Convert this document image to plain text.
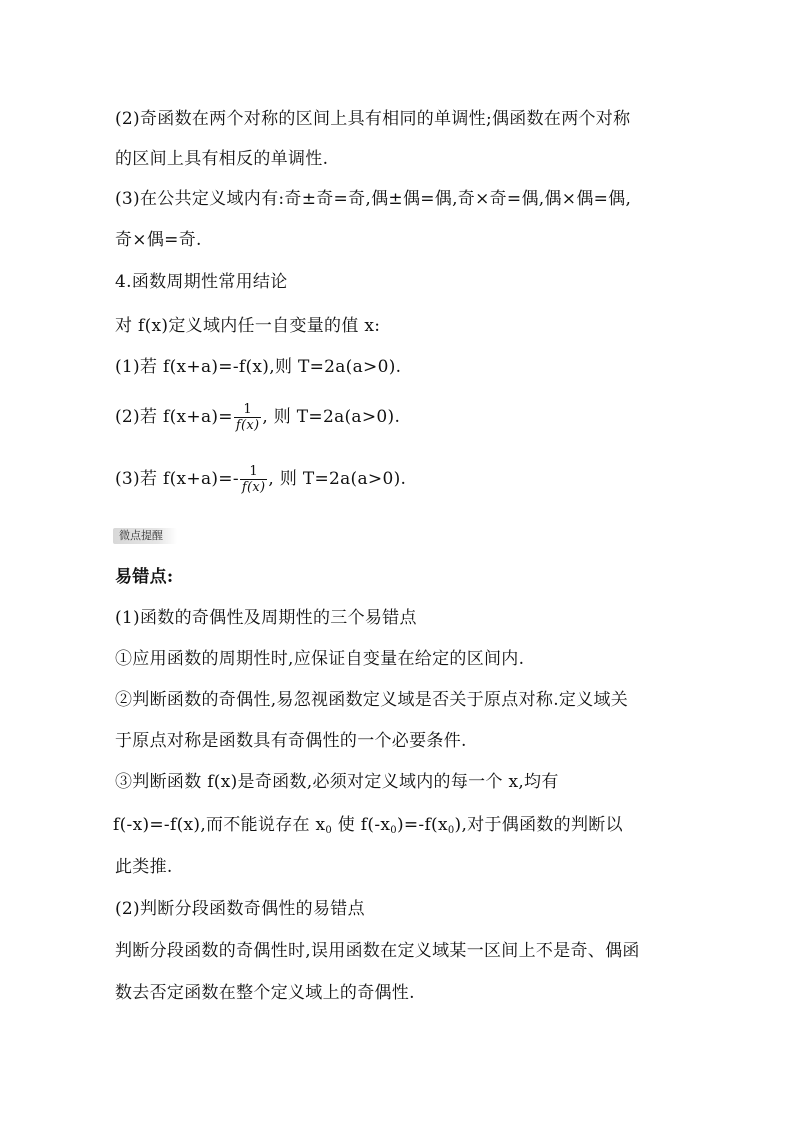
(2)奇函数在两个对称的区间上具有相同的单调性;偶函数在两个对称
的区间上具有相反的单调性.
(3)在公共定义域内有:奇±奇=奇,偶±偶=偶,奇×奇=偶,偶×偶=偶,
奇×偶=奇.
4.函数周期性常用结论
对 f(x)定义域内任一自变量的值 x:
(1)若 f(x+a)=-f(x),则 T=2a(a>0).
(2)若 $f(x+a)= \frac{1}{f(x)}$ , 则 T=2a(a>0).
(3)若 $f(x+a)=- \frac{1}{f(x)}$ , 则 T=2a(a>0).
微点提醒
易错点:
(1)函数的奇偶性及周期性的三个易错点
①应用函数的周期性时,应保证自变量在给定的区间内.
②判断函数的奇偶性,易忽视函数定义域是否关于原点对称.定义域关
于原点对称是函数具有奇偶性的一个必要条件.
③判断函数 f(x)是奇函数,必须对定义域内的每一个 x,均有
f(-x)=-f(x),而不能说存在 $x_0$ 使 $f(-x_0)=-f(x_0)$,对于偶函数的判断以
此类推.
(2)判断分段函数奇偶性的易错点
判断分段函数的奇偶性时,误用函数在定义域某一区间上不是奇、偶函
数去否定函数在整个定义域上的奇偶性.
